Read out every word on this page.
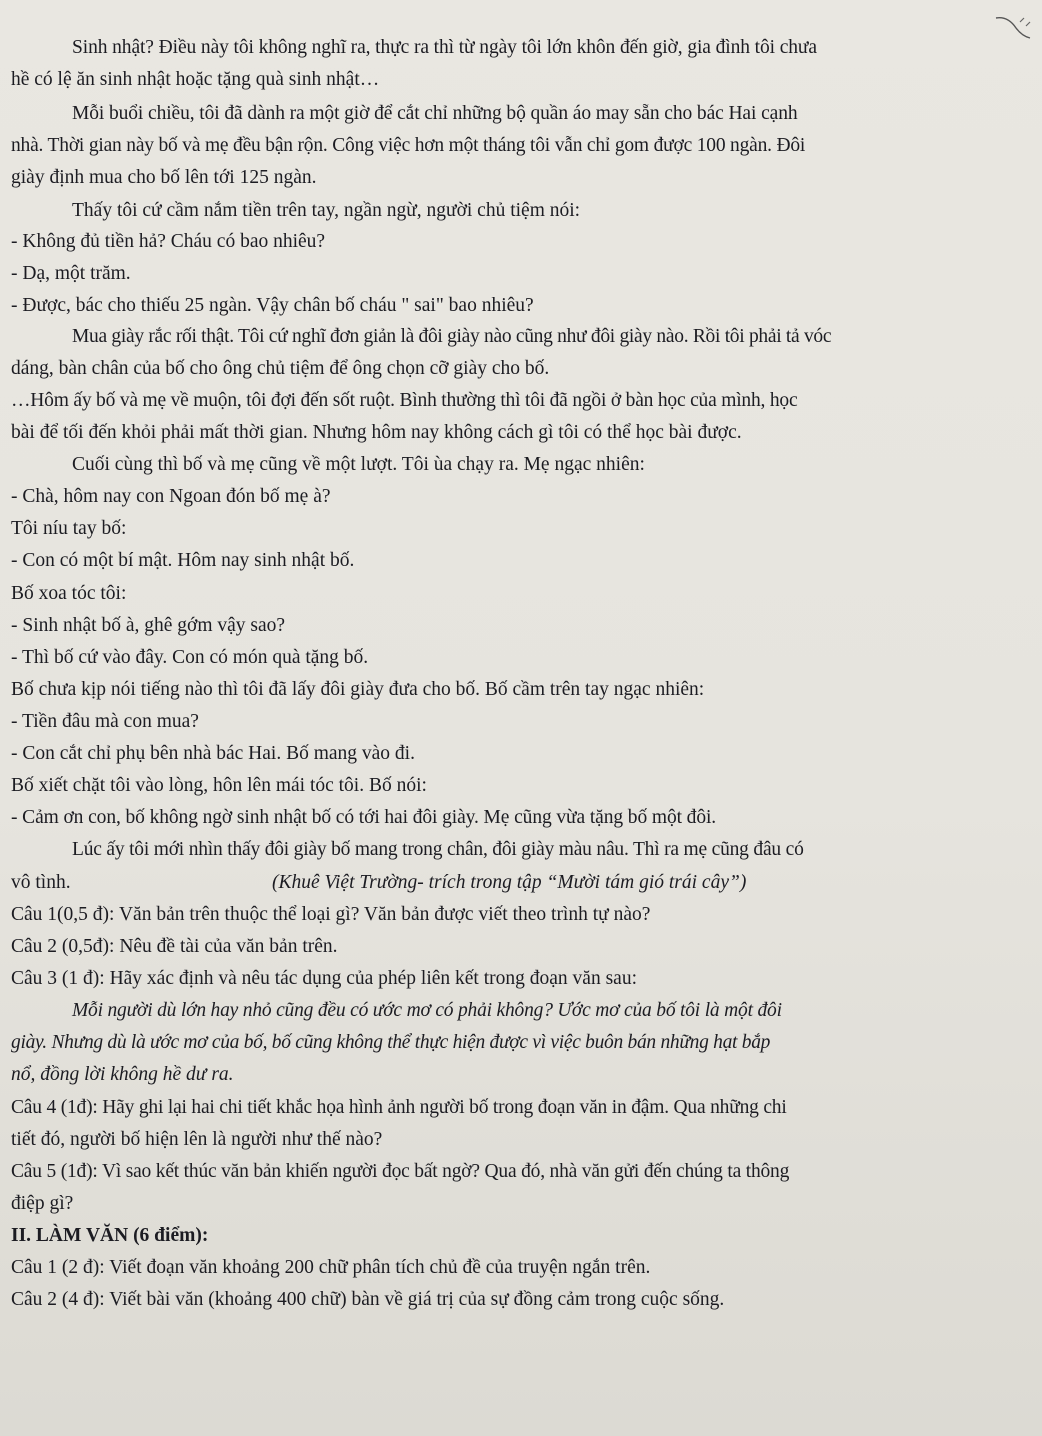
Sinh nhật? Điều này tôi không nghĩ ra, thực ra thì từ ngày tôi lớn khôn đến giờ, gia đình tôi chưa
hề có lệ ăn sinh nhật hoặc tặng quà sinh nhật…
Mỗi buổi chiều, tôi đã dành ra một giờ để cắt chỉ những bộ quần áo may sẵn cho bác Hai cạnh
nhà. Thời gian này bố và mẹ đều bận rộn. Công việc hơn một tháng tôi vẫn chỉ gom được 100 ngàn. Đôi
giày định mua cho bố lên tới 125 ngàn.
Thấy tôi cứ cầm nắm tiền trên tay, ngần ngừ, người chủ tiệm nói:
- Không đủ tiền hả? Cháu có bao nhiêu?
- Dạ, một trăm.
- Được, bác cho thiếu 25 ngàn. Vậy chân bố cháu " sai" bao nhiêu?
Mua giày rắc rối thật. Tôi cứ nghĩ đơn giản là đôi giày nào cũng như đôi giày nào. Rồi tôi phải tả vóc
dáng, bàn chân của bố cho ông chủ tiệm để ông chọn cỡ giày cho bố.
…Hôm ấy bố và mẹ về muộn, tôi đợi đến sốt ruột. Bình thường thì tôi đã ngồi ở bàn học của mình, học
bài để tối đến khỏi phải mất thời gian. Nhưng hôm nay không cách gì tôi có thể học bài được.
Cuối cùng thì bố và mẹ cũng về một lượt. Tôi ùa chạy ra. Mẹ ngạc nhiên:
- Chà, hôm nay con Ngoan đón bố mẹ à?
Tôi níu tay bố:
- Con có một bí mật. Hôm nay sinh nhật bố.
Bố xoa tóc tôi:
- Sinh nhật bố à, ghê gớm vậy sao?
- Thì bố cứ vào đây. Con có món quà tặng bố.
Bố chưa kịp nói tiếng nào thì tôi đã lấy đôi giày đưa cho bố. Bố cầm trên tay ngạc nhiên:
- Tiền đâu mà con mua?
- Con cắt chỉ phụ bên nhà bác Hai. Bố mang vào đi.
Bố xiết chặt tôi vào lòng, hôn lên mái tóc tôi. Bố nói:
- Cảm ơn con, bố không ngờ sinh nhật bố có tới hai đôi giày. Mẹ cũng vừa tặng bố một đôi.
Lúc ấy tôi mới nhìn thấy đôi giày bố mang trong chân, đôi giày màu nâu. Thì ra mẹ cũng đâu có
vô tình.	(Khuê Việt Trường- trích trong tập “Mười tám gió trái cây”)
Câu 1(0,5 đ): Văn bản trên thuộc thể loại gì? Văn bản được viết theo trình tự nào?
Câu 2 (0,5đ): Nêu đề tài của văn bản trên.
Câu 3 (1 đ): Hãy xác định và nêu tác dụng của phép liên kết trong đoạn văn sau:
Mỗi người dù lớn hay nhỏ cũng đều có ước mơ có phải không? Ước mơ của bố tôi là một đôi
giày. Nhưng dù là ước mơ của bố, bố cũng không thể thực hiện được vì việc buôn bán những hạt bắp
nổ, đồng lời không hề dư ra.
Câu 4 (1đ): Hãy ghi lại hai chi tiết khắc họa hình ảnh người bố trong đoạn văn in đậm. Qua những chi
tiết đó, người bố hiện lên là người như thế nào?
Câu 5 (1đ): Vì sao kết thúc văn bản khiến người đọc bất ngờ? Qua đó, nhà văn gửi đến chúng ta thông
điệp gì?
II. LÀM VĂN (6 điểm):
Câu 1 (2 đ): Viết đoạn văn khoảng 200 chữ phân tích chủ đề của truyện ngắn trên.
Câu 2 (4 đ): Viết bài văn (khoảng 400 chữ) bàn về giá trị của sự đồng cảm trong cuộc sống.
